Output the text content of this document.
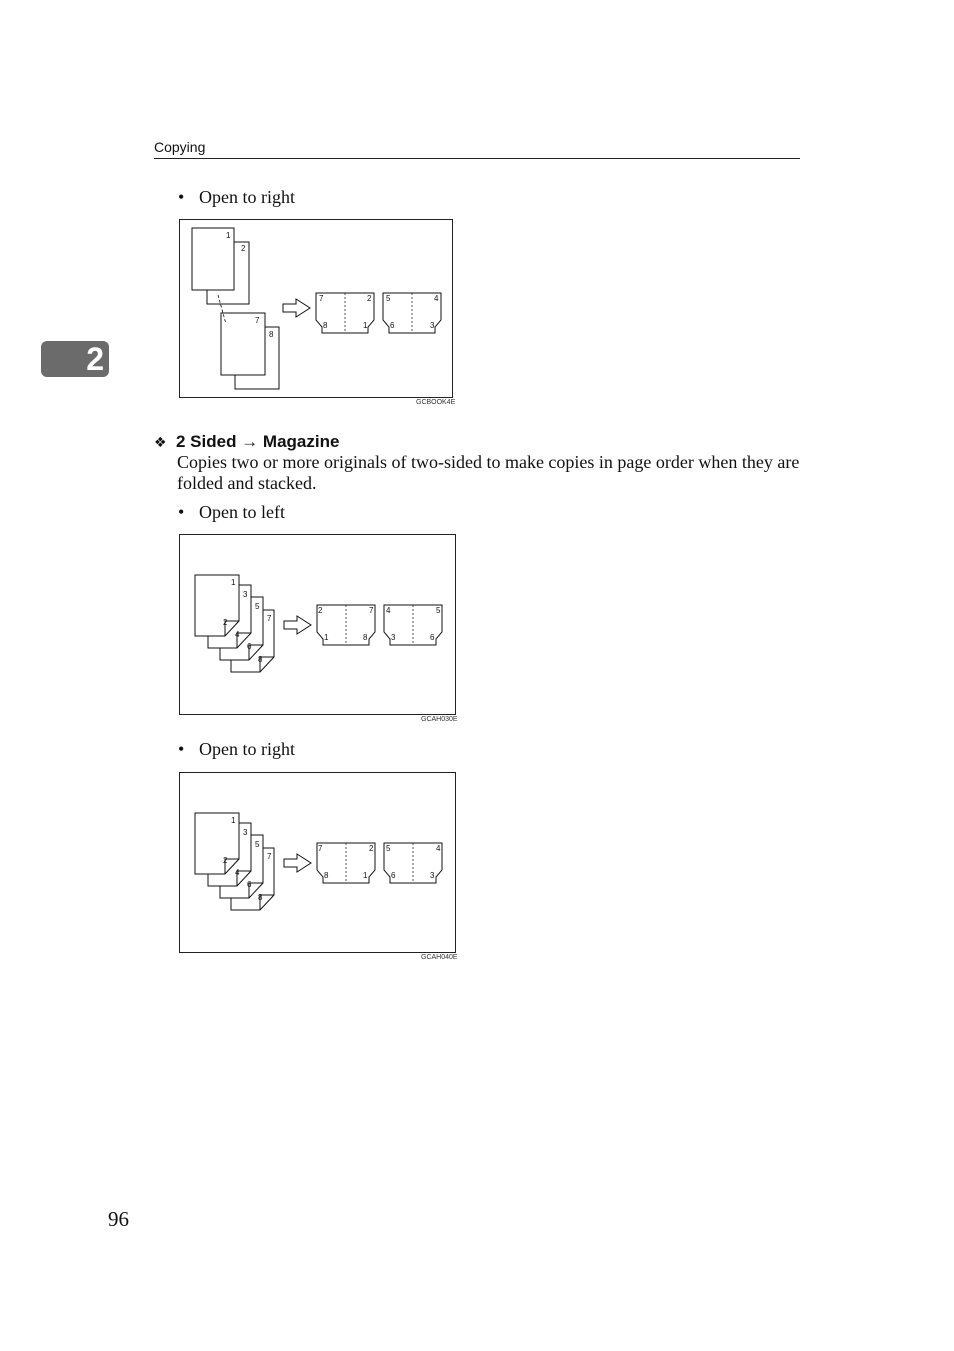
Copying
2
• Open to right
1
2
7
8
7	2
8	1
5	4
6	3
GCBOOK4E
❖ 2 Sided → Magazine
Copies two or more originals of two-sided to make copies in page order when they are folded and stacked.
• Open to left
1
2
3
4
5
6
7
8
2	7
1	8
4	5
3	6
GCAH030E
• Open to right
1
2
3
4
5
6
7
8
7	2
8	1
5	4
6	3
GCAH040E
96
